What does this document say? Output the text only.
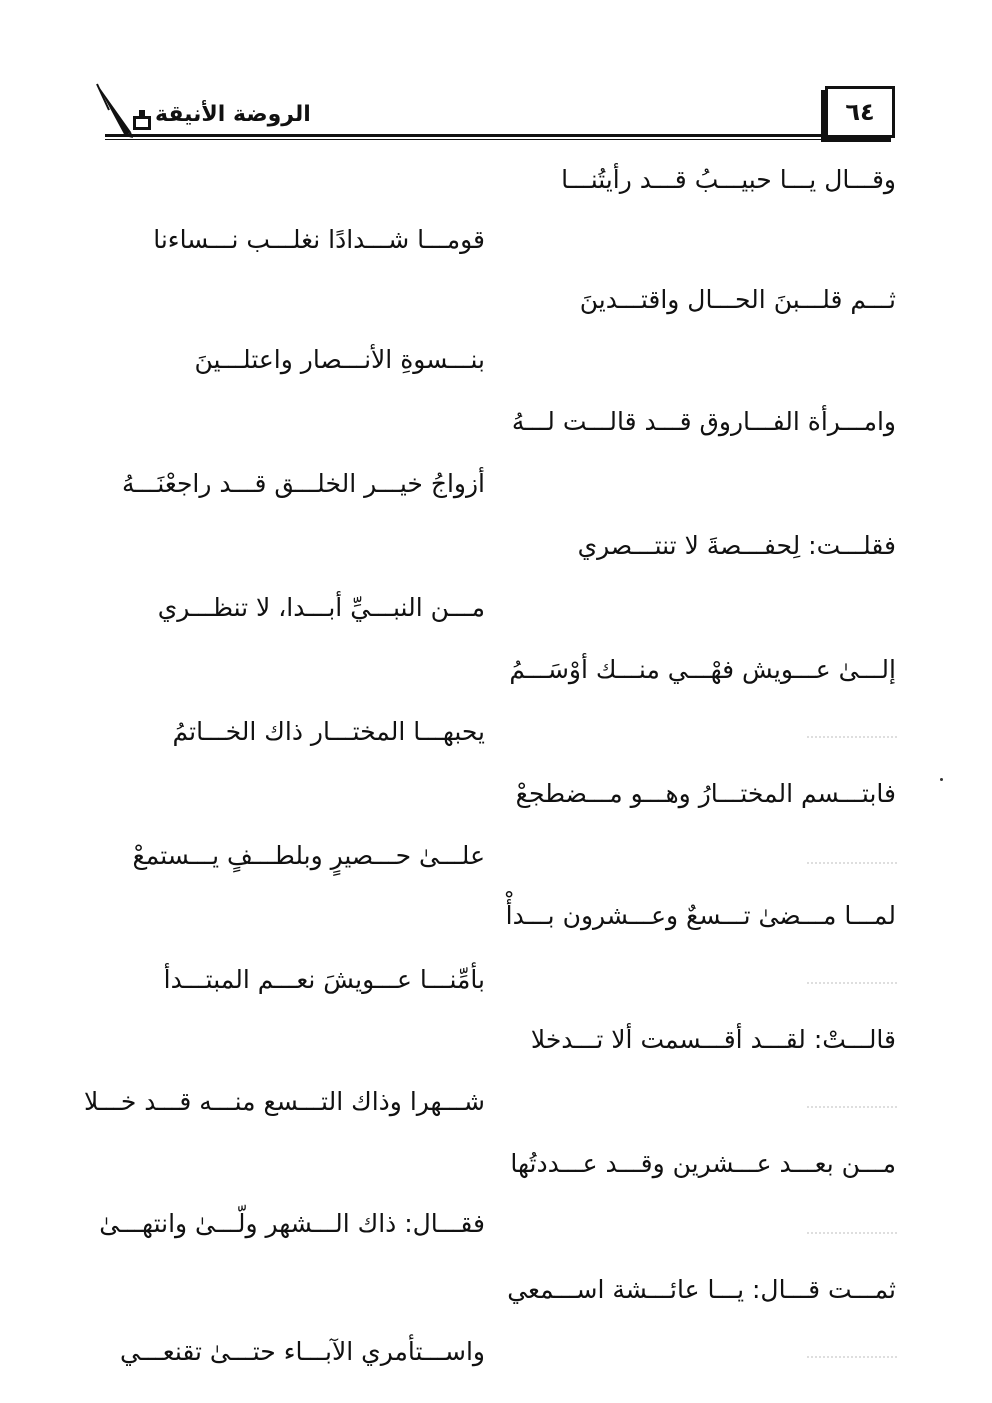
الروضة الأنيقة	٦٤
وقـــال يـــا حبيـــبُ قـــد رأيتُنـــا
قومـــا شـــدادًا نغلـــب نـــساءنا
ثـــم قلـــبنَ الحـــال واقتـــدينَ
بنـــسوةِ الأنـــصار واعتلـــينَ
وامـــرأة الفـــاروق قـــد قالـــت لـــهُ
أزواجُ خيـــر الخلـــق قـــد راجعْنَـــهُ
فقلـــت: لِحفـــصةَ لا تنتـــصري
مـــن النبـــيِّ أبـــدا، لا تنظـــري
إلـــىٰ عـــويش فهْـــي منـــك أوْسَـــمُ
يحبهـــا المختـــار ذاك الخـــاتمُ
فابتـــسم المختـــارُ وهـــو مـــضطجعْ
علـــىٰ حـــصيرٍ وبلطـــفٍ يـــستمعْ
لمـــا مـــضىٰ تـــسعٌ وعـــشرون بـــدأْ
بأمِّنـــا عـــويشَ نعـــم المبتـــدأ
قالـــتْ: لقـــد أقـــسمت ألا تـــدخلا
شـــهرا وذاك التـــسع منـــه قـــد خـــلا
مـــن بعـــد عـــشرين وقـــد عـــددتُها
فقـــال: ذاك الـــشهر ولّـــىٰ وانتهـــىٰ
ثمـــت قـــال: يـــا عائـــشة اســـمعي
واســـتأمري الآبـــاء حتـــىٰ تقنعـــي
